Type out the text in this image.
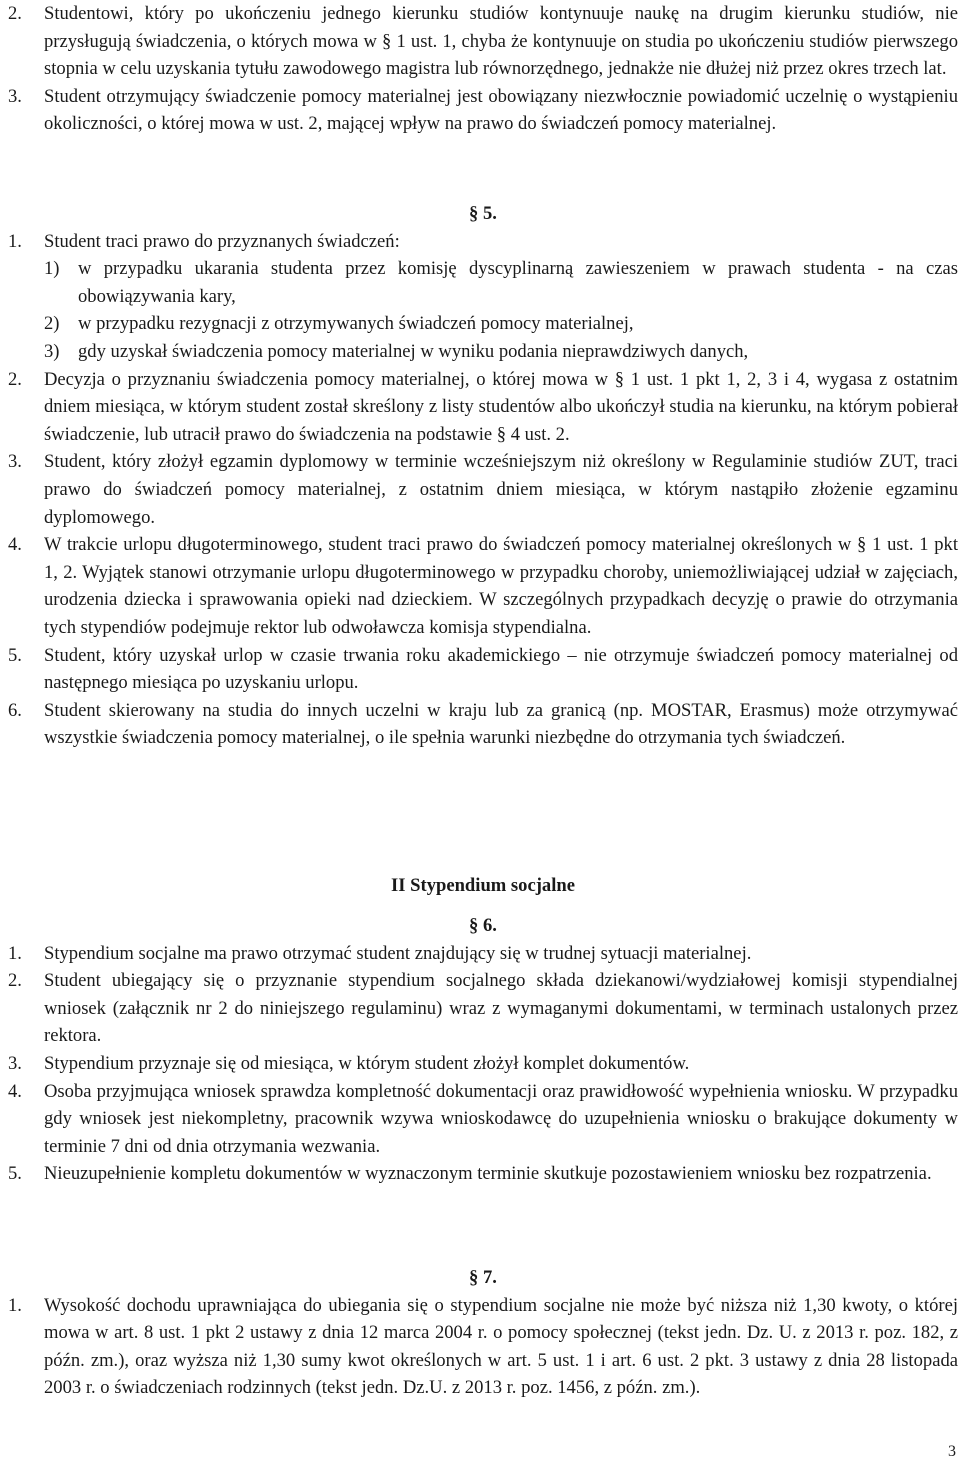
2.	Studentowi, który po ukończeniu jednego kierunku studiów kontynuuje naukę na drugim kierunku studiów, nie przysługują świadczenia, o których mowa w § 1 ust. 1, chyba że kontynuuje on studia po ukończeniu studiów pierwszego stopnia w celu uzyskania tytułu zawodowego magistra lub równorzędnego, jednakże nie dłużej niż przez okres trzech lat.
3.	Student otrzymujący świadczenie pomocy materialnej jest obowiązany niezwłocznie powiadomić uczelnię o wystąpieniu okoliczności, o której mowa w ust. 2, mającej wpływ na prawo do świadczeń pomocy materialnej.
§ 5.
1.	Student traci prawo do przyznanych świadczeń:
1) w przypadku ukarania studenta przez komisję dyscyplinarną zawieszeniem w prawach studenta - na czas obowiązywania kary,
2) w przypadku rezygnacji z otrzymywanych świadczeń pomocy materialnej,
3) gdy uzyskał świadczenia pomocy materialnej w wyniku podania nieprawdziwych danych,
2.	Decyzja o przyznaniu świadczenia pomocy materialnej, o której mowa w § 1 ust. 1 pkt 1, 2, 3 i 4, wygasa z ostatnim dniem miesiąca, w którym student został skreślony z listy studentów albo ukończył studia na kierunku, na którym pobierał świadczenie, lub utracił prawo do świadczenia na podstawie § 4 ust. 2.
3.	Student, który złożył egzamin dyplomowy w terminie wcześniejszym niż określony w Regulaminie studiów ZUT, traci prawo do świadczeń pomocy materialnej, z ostatnim dniem miesiąca, w którym nastąpiło złożenie egzaminu dyplomowego.
4.	W trakcie urlopu długoterminowego, student traci prawo do świadczeń pomocy materialnej określonych w § 1 ust. 1 pkt 1, 2. Wyjątek stanowi otrzymanie urlopu długoterminowego w przypadku choroby, uniemożliwiającej udział w zajęciach, urodzenia dziecka i sprawowania opieki nad dzieckiem. W szczególnych przypadkach decyzję o prawie do otrzymania tych stypendiów podejmuje rektor lub odwoławcza komisja stypendialna.
5.	Student, który uzyskał urlop w czasie trwania roku akademickiego – nie otrzymuje świadczeń pomocy materialnej od następnego miesiąca po uzyskaniu urlopu.
6.	Student skierowany na studia do innych uczelni w kraju lub za granicą (np. MOSTAR, Erasmus) może otrzymywać wszystkie świadczenia pomocy materialnej, o ile spełnia warunki niezbędne do otrzymania tych świadczeń.
II Stypendium socjalne
§ 6.
1.	Stypendium socjalne ma prawo otrzymać student znajdujący się w trudnej sytuacji materialnej.
2.	Student ubiegający się o przyznanie stypendium socjalnego składa dziekanowi/wydziałowej komisji stypendialnej wniosek (załącznik nr 2 do niniejszego regulaminu) wraz z wymaganymi dokumentami, w terminach ustalonych przez rektora.
3.	Stypendium przyznaje się od miesiąca, w którym student złożył komplet dokumentów.
4.	Osoba przyjmująca wniosek sprawdza kompletność dokumentacji oraz prawidłowość wypełnienia wniosku. W przypadku gdy wniosek jest niekompletny, pracownik wzywa wnioskodawcę do uzupełnienia wniosku o brakujące dokumenty w terminie 7 dni od dnia otrzymania wezwania.
5.	Nieuzupełnienie kompletu dokumentów w wyznaczonym terminie skutkuje pozostawieniem wniosku bez rozpatrzenia.
§ 7.
1.	Wysokość dochodu uprawniająca do ubiegania się o stypendium socjalne nie może być niższa niż 1,30 kwoty, o której mowa w art. 8 ust. 1 pkt 2 ustawy z dnia 12 marca 2004 r. o pomocy społecznej (tekst jedn. Dz. U. z 2013 r. poz. 182, z późn. zm.), oraz wyższa niż 1,30 sumy kwot określonych w art. 5 ust. 1 i art. 6 ust. 2 pkt. 3 ustawy z dnia 28 listopada 2003 r. o świadczeniach rodzinnych (tekst jedn. Dz.U. z 2013 r. poz. 1456, z późn. zm.).
3
